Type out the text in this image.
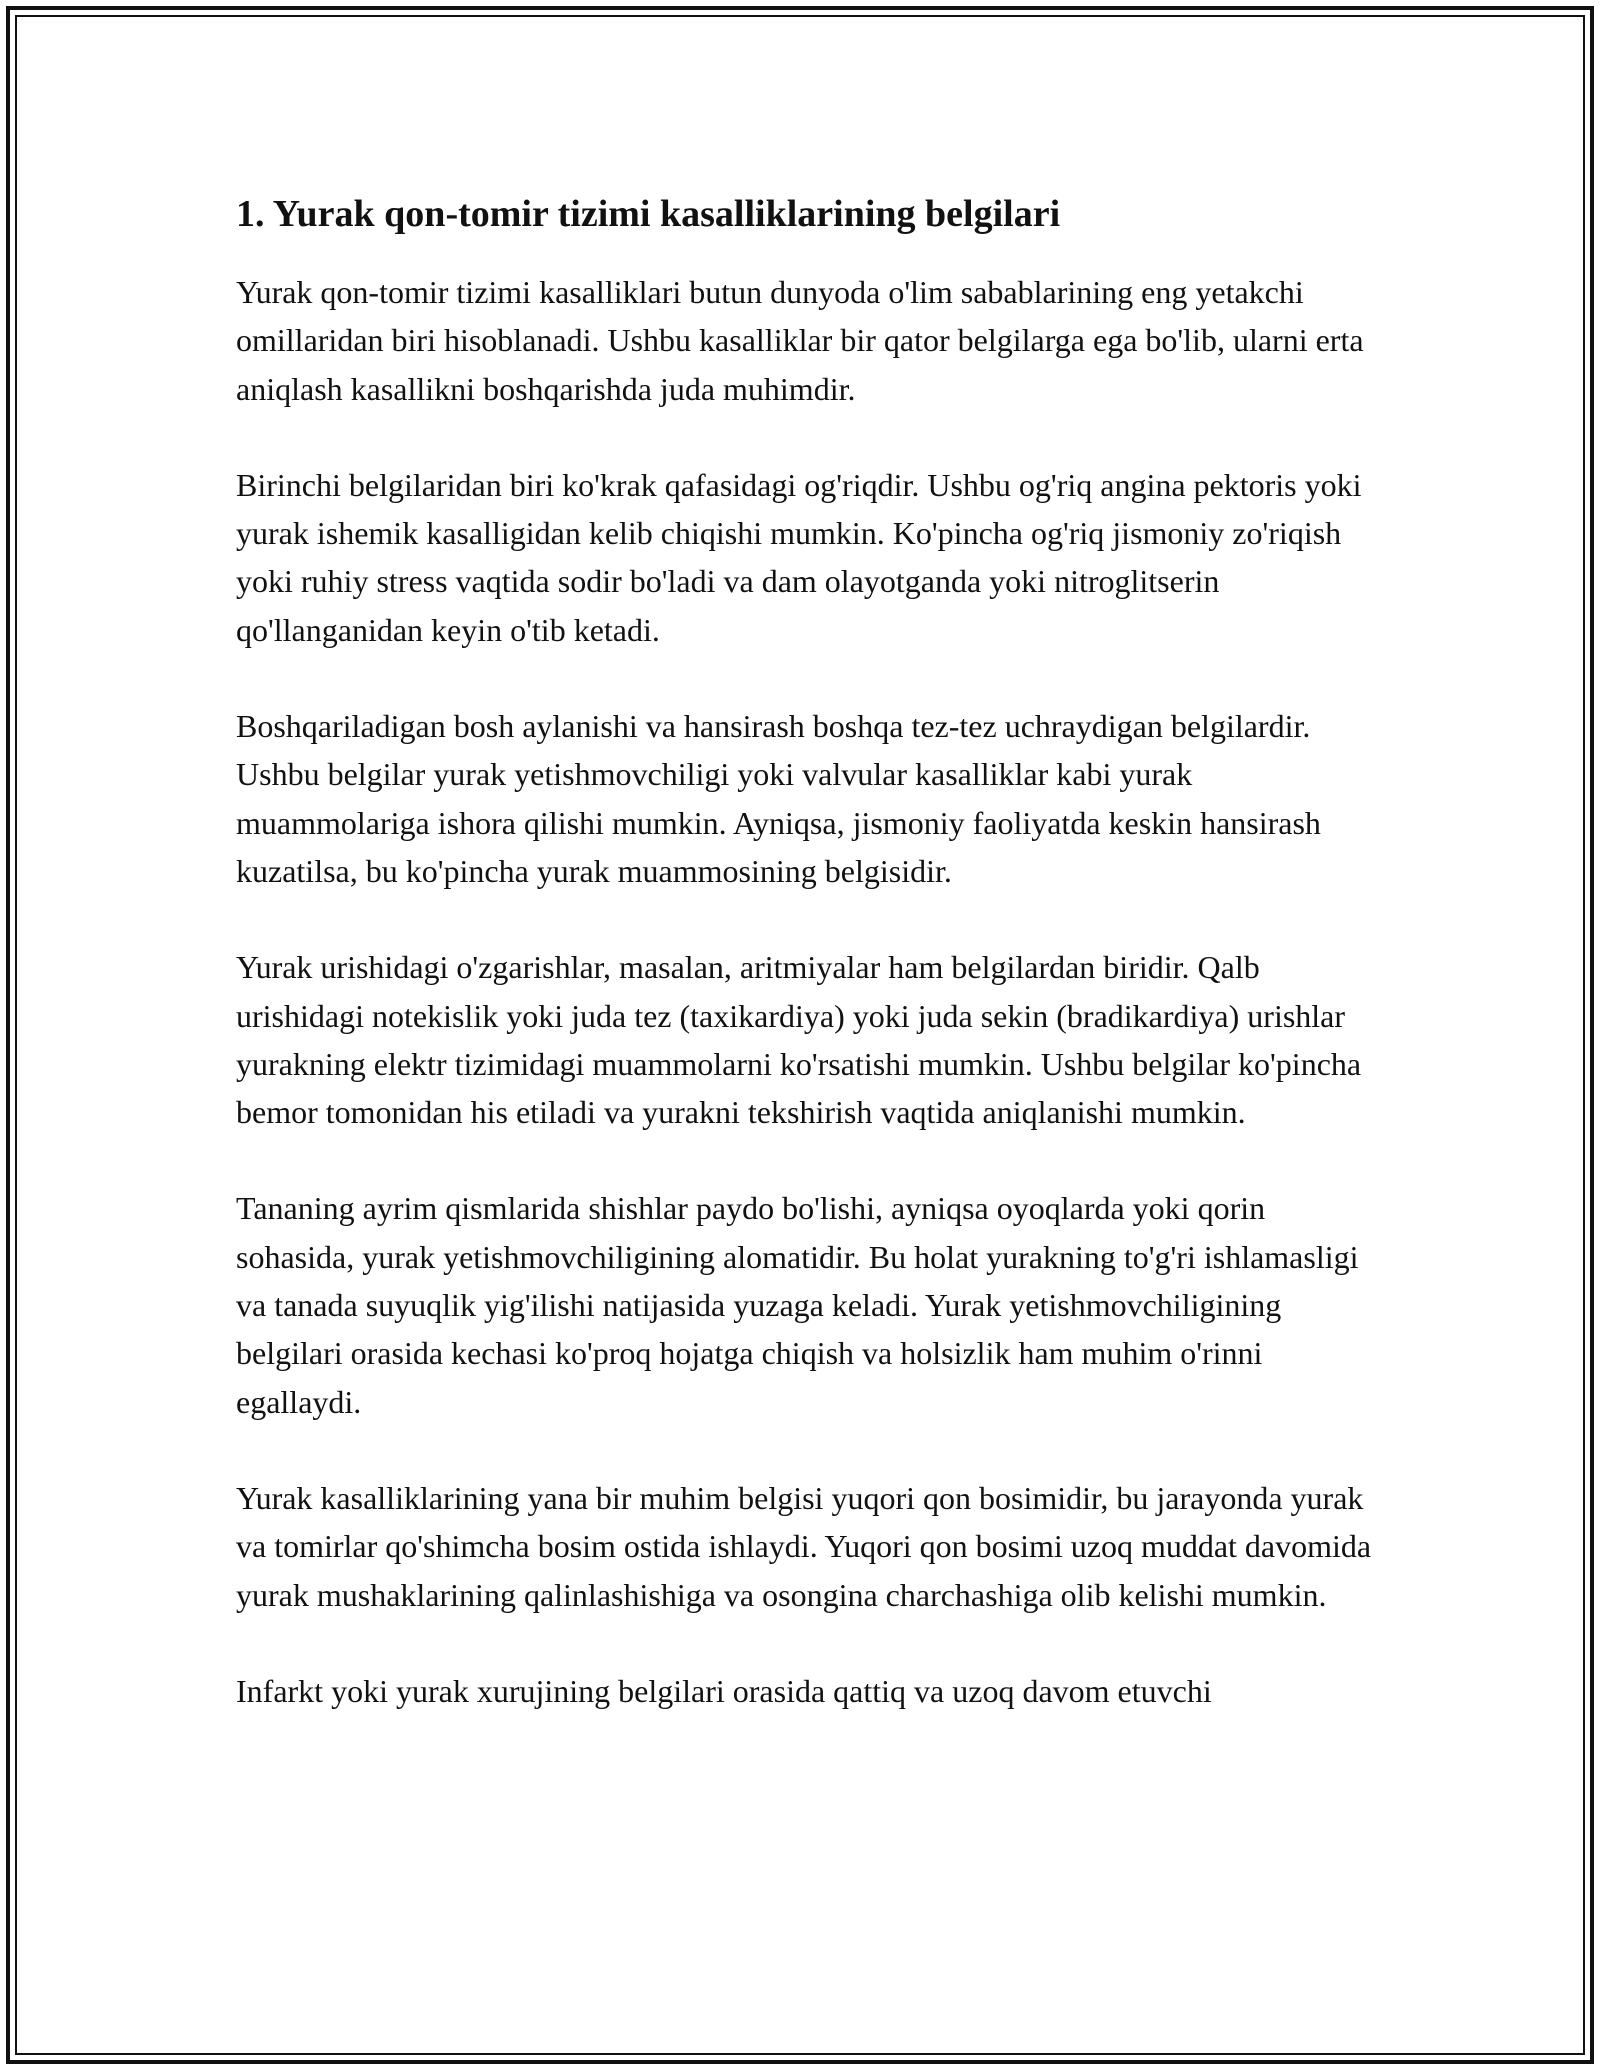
1. Yurak qon-tomir tizimi kasalliklarining belgilari

Yurak qon-tomir tizimi kasalliklari butun dunyoda o'lim sabablarining eng yetakchi omillaridan biri hisoblanadi. Ushbu kasalliklar bir qator belgilarga ega bo'lib, ularni erta aniqlash kasallikni boshqarishda juda muhimdir.

Birinchi belgilaridan biri ko'krak qafasidagi og'riqdir. Ushbu og'riq angina pektoris yoki yurak ishemik kasalligidan kelib chiqishi mumkin. Ko'pincha og'riq jismoniy zo'riqish yoki ruhiy stress vaqtida sodir bo'ladi va dam olayotganda yoki nitroglitserin qo'llanganidan keyin o'tib ketadi.

Boshqariladigan bosh aylanishi va hansirash boshqa tez-tez uchraydigan belgilardir. Ushbu belgilar yurak yetishmovchiligi yoki valvular kasalliklar kabi yurak muammolariga ishora qilishi mumkin. Ayniqsa, jismoniy faoliyatda keskin hansirash kuzatilsa, bu ko'pincha yurak muammosining belgisidir.

Yurak urishidagi o'zgarishlar, masalan, aritmiyalar ham belgilardan biridir. Qalb urishidagi notekislik yoki juda tez (taxikardiya) yoki juda sekin (bradikardiya) urishlar yurakning elektr tizimidagi muammolarni ko'rsatishi mumkin. Ushbu belgilar ko'pincha bemor tomonidan his etiladi va yurakni tekshirish vaqtida aniqlanishi mumkin.

Tananing ayrim qismlarida shishlar paydo bo'lishi, ayniqsa oyoqlarda yoki qorin sohasida, yurak yetishmovchiligining alomatidir. Bu holat yurakning to'g'ri ishlamasligi va tanada suyuqlik yig'ilishi natijasida yuzaga keladi. Yurak yetishmovchiligining belgilari orasida kechasi ko'proq hojatga chiqish va holsizlik ham muhim o'rinni egallaydi.

Yurak kasalliklarining yana bir muhim belgisi yuqori qon bosimidir, bu jarayonda yurak va tomirlar qo'shimcha bosim ostida ishlaydi. Yuqori qon bosimi uzoq muddat davomida yurak mushaklarining qalinlashishiga va osongina charchashiga olib kelishi mumkin.

Infarkt yoki yurak xurujining belgilari orasida qattiq va uzoq davom etuvchi
